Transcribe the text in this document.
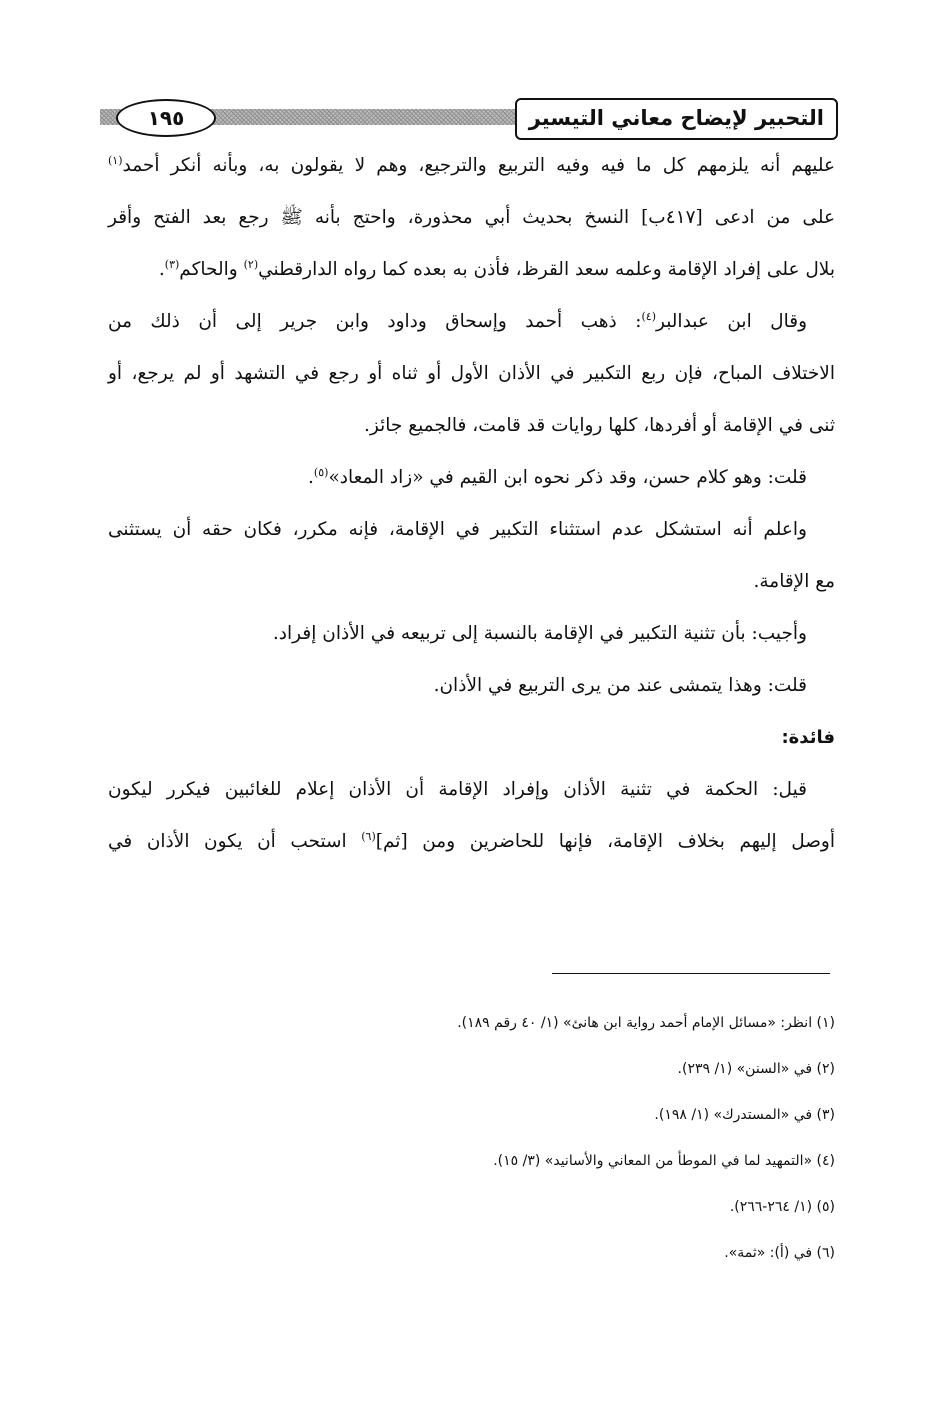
التحبير لإيضاح معاني التيسير
١٩٥
عليهم أنه يلزمهم كل ما فيه وفيه التربيع والترجيع، وهم لا يقولون به، وبأنه أنكر أحمد$^{(١)}$
على من ادعى [٤١٧ب] النسخ بحديث أبي محذورة، واحتج بأنه ﷺ رجع بعد الفتح وأقر
بلال على إفراد الإقامة وعلمه سعد القرظ، فأذن به بعده كما رواه الدارقطني$^{(٢)}$ والحاكم$^{(٣)}$.
وقال ابن عبدالبر$^{(٤)}$: ذهب أحمد وإسحاق وداود وابن جرير إلى أن ذلك من
الاختلاف المباح، فإن ربع التكبير في الأذان الأول أو ثناه أو رجع في التشهد أو لم يرجع، أو
ثنى في الإقامة أو أفردها، كلها روايات قد قامت، فالجميع جائز.
قلت: وهو كلام حسن، وقد ذكر نحوه ابن القيم في «زاد المعاد»$^{(٥)}$.
واعلم أنه استشكل عدم استثناء التكبير في الإقامة، فإنه مكرر، فكان حقه أن يستثنى
مع الإقامة.
وأجيب: بأن تثنية التكبير في الإقامة بالنسبة إلى تربيعه في الأذان إفراد.
قلت: وهذا يتمشى عند من يرى التربيع في الأذان.
فائدة:
قيل: الحكمة في تثنية الأذان وإفراد الإقامة أن الأذان إعلام للغائبين فيكرر ليكون
أوصل إليهم بخلاف الإقامة، فإنها للحاضرين ومن [ثم]$^{(٦)}$ استحب أن يكون الأذان في
(١) انظر: «مسائل الإمام أحمد رواية ابن هانئ» (١/ ٤٠ رقم ١٨٩).
(٢) في «السنن» (١/ ٢٣٩).
(٣) في «المستدرك» (١/ ١٩٨).
(٤) «التمهيد لما في الموطأ من المعاني والأسانيد» (٣/ ١٥).
(٥) (١/ ٢٦٤-٢٦٦).
(٦) في (أ): «ثمة».
